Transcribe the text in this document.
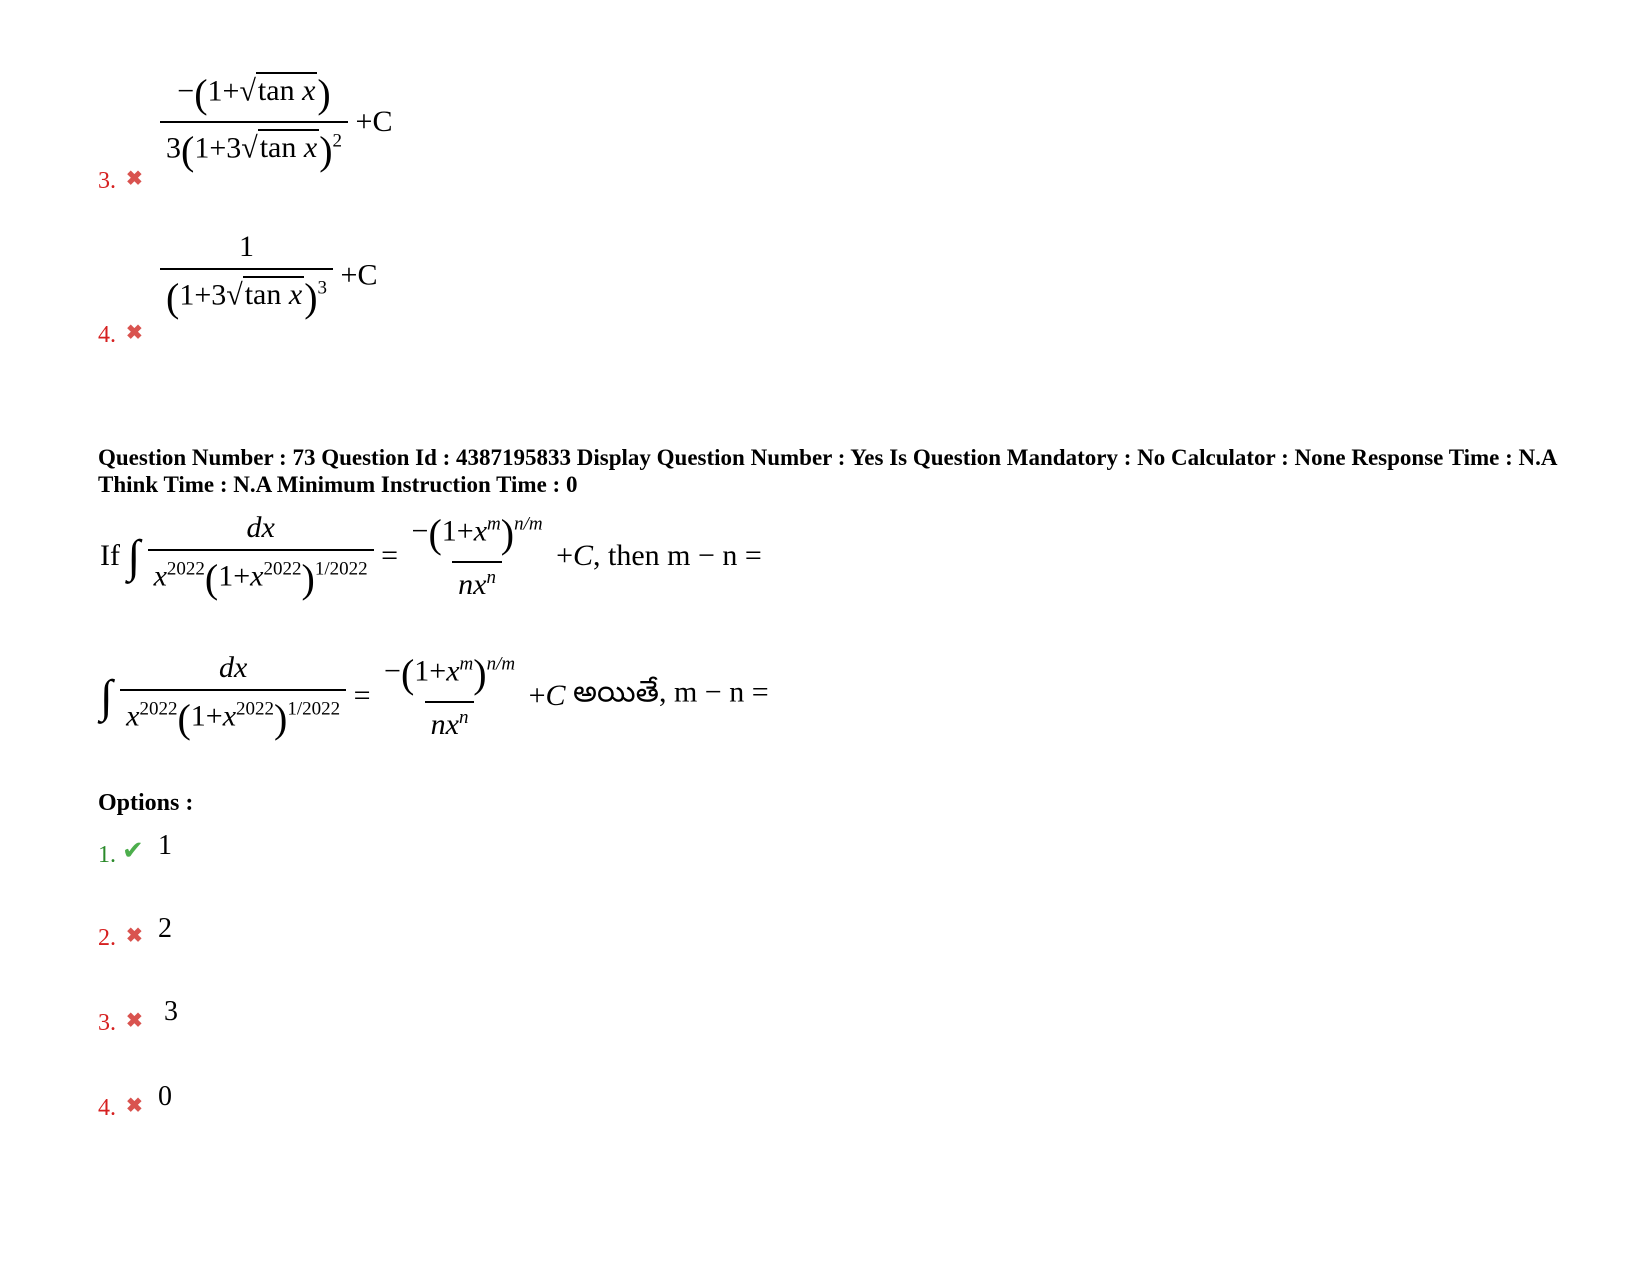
$\frac{\text{−(1+√tan x)}}{3(1+3√\tan x)^2} +C$
3. ✖
$\frac{1}{(1+3√\tan x)^3} +C$
4. ✖
Question Number : 73 Question Id : 4387195833 Display Question Number : Yes Is Question Mandatory : No Calculator : None Response Time : N.A Think Time : N.A Minimum Instruction Time : 0
If ∫ $\frac{dx}{x^{2022}(1+x^{2022})^{1/2022}} = \frac{-(1+x^m)^{n/m}}{nx^n} +C$, then m − n =
∫ $\frac{dx}{x^{2022}(1+x^{2022})^{1/2022}} = \frac{-(1+x^m)^{n/m}}{nx^n} +C$ అయితే, m − n =
Options :
1. ✔ 1
2. ✖ 2
3. ✖ 3
4. ✖ 0
